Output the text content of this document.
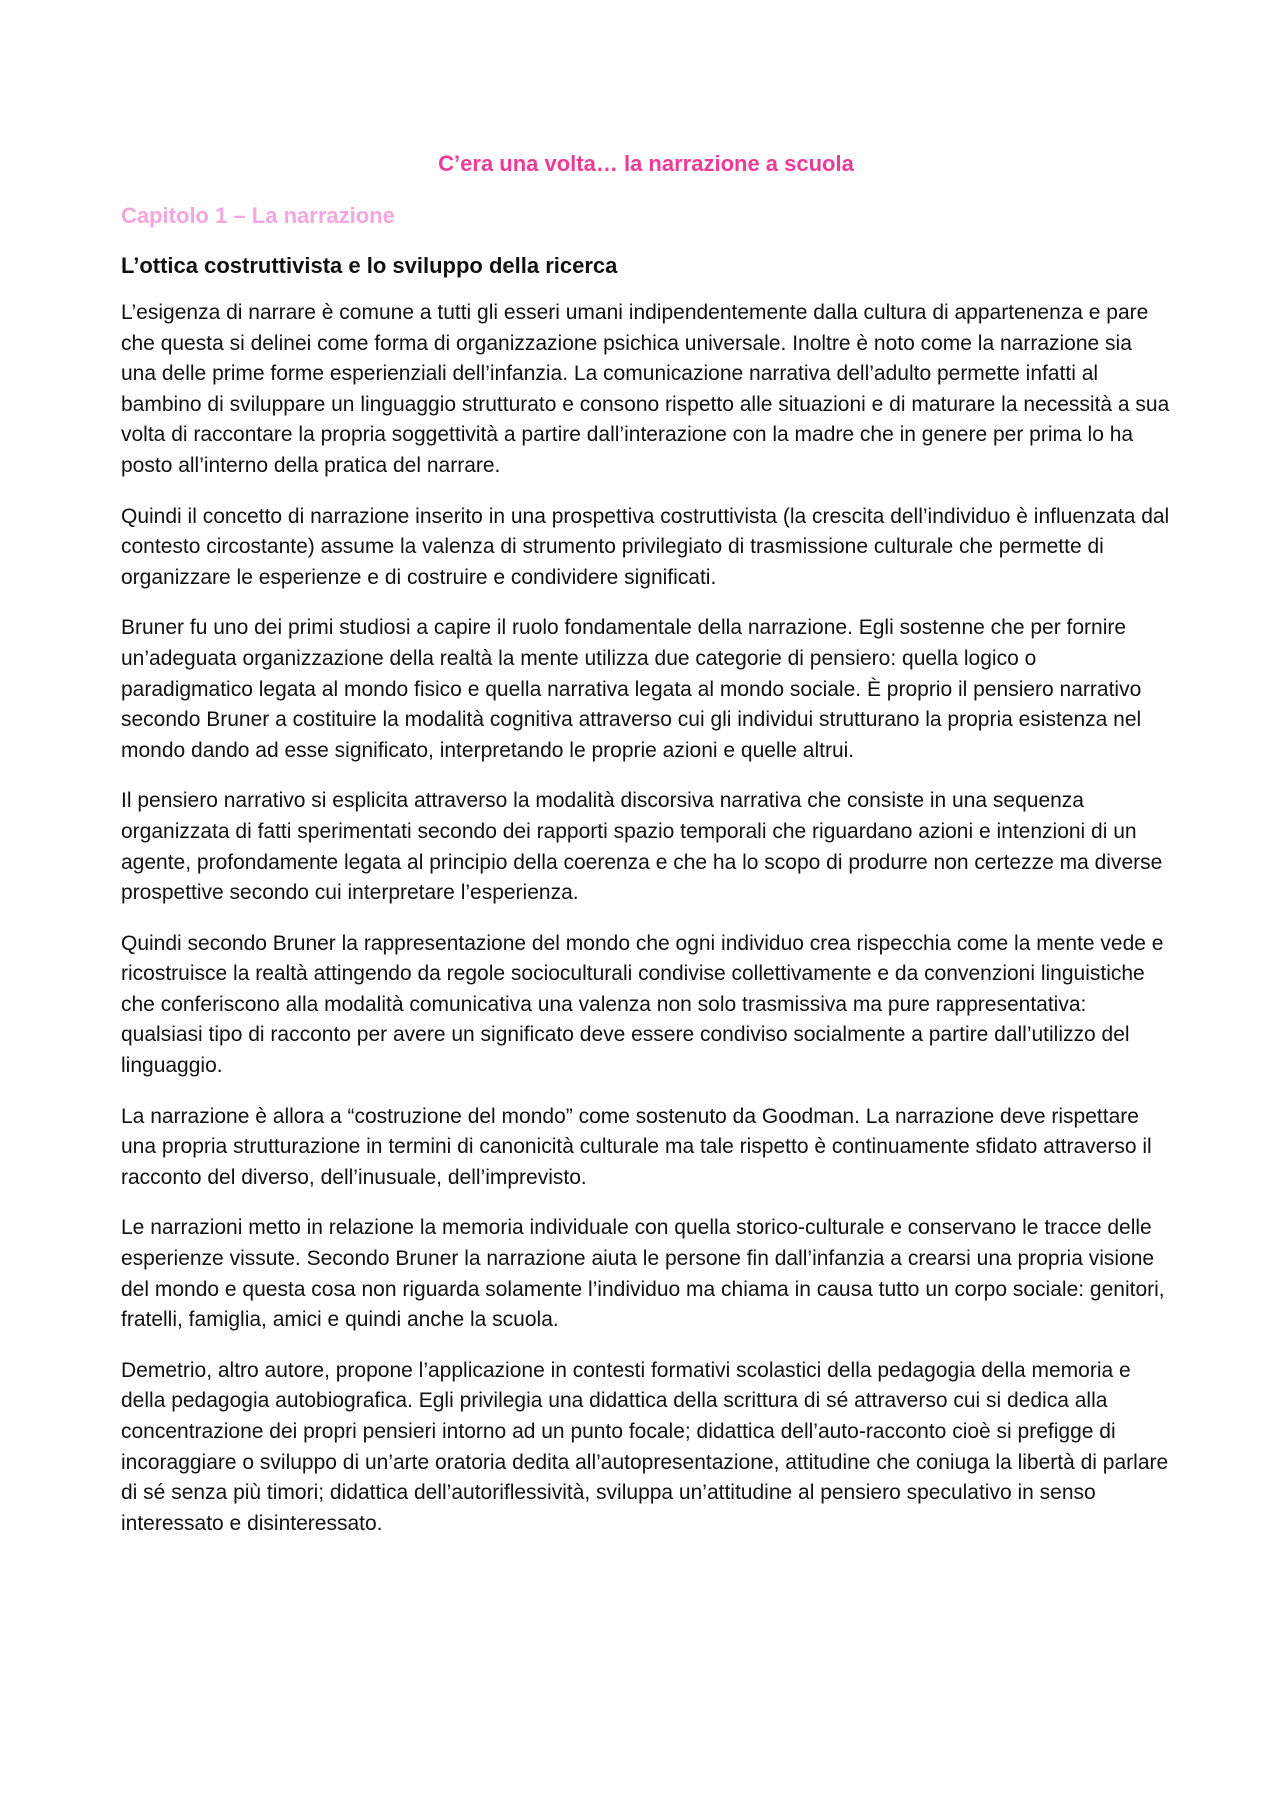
C’era una volta… la narrazione a scuola
Capitolo 1 – La narrazione
L’ottica costruttivista e lo sviluppo della ricerca

L’esigenza di narrare è comune a tutti gli esseri umani indipendentemente dalla cultura di appartenenza e pare che questa si delinei come forma di organizzazione psichica universale. Inoltre è noto come la narrazione sia una delle prime forme esperienziali dell’infanzia. La comunicazione narrativa dell’adulto permette infatti al bambino di sviluppare un linguaggio strutturato e consono rispetto alle situazioni e di maturare la necessità a sua volta di raccontare la propria soggettività a partire dall’interazione con la madre che in genere per prima lo ha posto all’interno della pratica del narrare.

Quindi il concetto di narrazione inserito in una prospettiva costruttivista (la crescita dell’individuo è influenzata dal contesto circostante) assume la valenza di strumento privilegiato di trasmissione culturale che permette di organizzare le esperienze e di costruire e condividere significati.

Bruner fu uno dei primi studiosi a capire il ruolo fondamentale della narrazione. Egli sostenne che per fornire un’adeguata organizzazione della realtà la mente utilizza due categorie di pensiero: quella logico o paradigmatico legata al mondo fisico e quella narrativa legata al mondo sociale. È proprio il pensiero narrativo secondo Bruner a costituire la modalità cognitiva attraverso cui gli individui strutturano la propria esistenza nel mondo dando ad esse significato, interpretando le proprie azioni e quelle altrui.

Il pensiero narrativo si esplicita attraverso la modalità discorsiva narrativa che consiste in una sequenza organizzata di fatti sperimentati secondo dei rapporti spazio temporali che riguardano azioni e intenzioni di un agente, profondamente legata al principio della coerenza e che ha lo scopo di produrre non certezze ma diverse prospettive secondo cui interpretare l’esperienza.

Quindi secondo Bruner la rappresentazione del mondo che ogni individuo crea rispecchia come la mente vede e ricostruisce la realtà attingendo da regole socioculturali condivise collettivamente e da convenzioni linguistiche che conferiscono alla modalità comunicativa una valenza non solo trasmissiva ma pure rappresentativa: qualsiasi tipo di racconto per avere un significato deve essere condiviso socialmente a partire dall’utilizzo del linguaggio.

La narrazione è allora a “costruzione del mondo” come sostenuto da Goodman. La narrazione deve rispettare una propria strutturazione in termini di canonicità culturale ma tale rispetto è continuamente sfidato attraverso il racconto del diverso, dell’inusuale, dell’imprevisto.

Le narrazioni metto in relazione la memoria individuale con quella storico-culturale e conservano le tracce delle esperienze vissute. Secondo Bruner la narrazione aiuta le persone fin dall’infanzia a crearsi una propria visione del mondo e questa cosa non riguarda solamente l’individuo ma chiama in causa tutto un corpo sociale: genitori, fratelli, famiglia, amici e quindi anche la scuola.

Demetrio, altro autore, propone l’applicazione in contesti formativi scolastici della pedagogia della memoria e della pedagogia autobiografica. Egli privilegia una didattica della scrittura di sé attraverso cui si dedica alla concentrazione dei propri pensieri intorno ad un punto focale; didattica dell’auto-racconto cioè si prefigge di incoraggiare o sviluppo di un’arte oratoria dedita all’autopresentazione, attitudine che coniuga la libertà di parlare di sé senza più timori; didattica dell’autoriflessività, sviluppa un’attitudine al pensiero speculativo in senso interessato e disinteressato.
